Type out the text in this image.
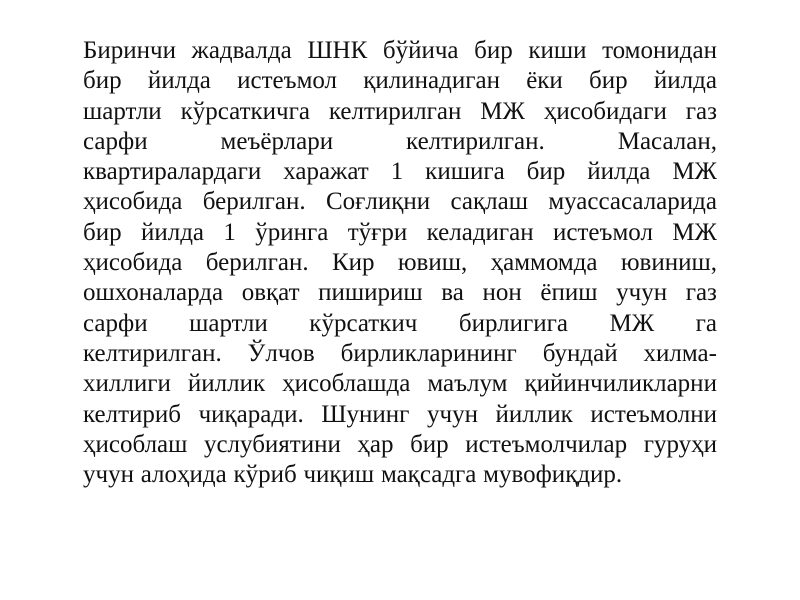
Биринчи жадвалда ШНК бўйича бир киши томонидан
бир йилда истеъмол қилинадиган ёки бир йилда
шартли кўрсаткичга келтирилган МЖ ҳисобидаги газ
сарфи	меъёрлари	келтирилган.	Масалан,
квартиралардаги харажат 1 кишига бир йилда МЖ
ҳисобида берилган. Соғлиқни сақлаш муассасаларида
бир йилда 1 ўринга тўғри келадиган истеъмол МЖ
ҳисобида берилган. Кир ювиш, ҳаммомда ювиниш,
ошхоналарда овқат пишириш ва нон ёпиш учун газ
сарфи шартли кўрсаткич бирлигига МЖ га
келтирилган. Ўлчов бирликларининг бундай хилма-
хиллиги йиллик ҳисоблашда маълум қийинчиликларни
келтириб чиқаради. Шунинг учун йиллик истеъмолни
ҳисоблаш услубиятини ҳар бир истеъмолчилар гуруҳи
учун алоҳида кўриб чиқиш мақсадга мувофиқдир.
